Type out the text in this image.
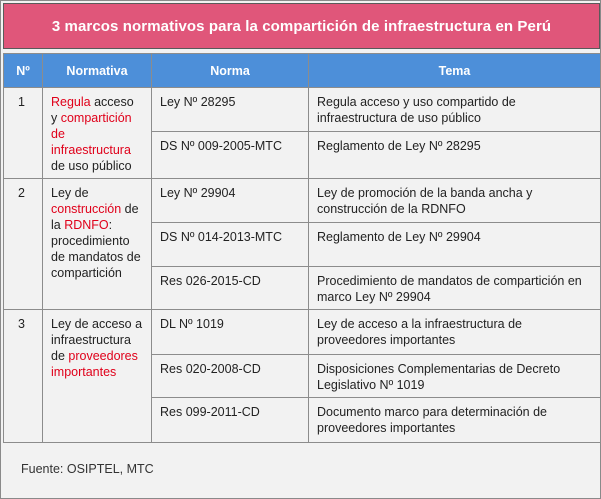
3 marcos normativos para la compartición de infraestructura en Perú
Nº	Normativa	Norma	Tema
1	Regula acceso y compartición de infraestructura de uso público	Ley Nº 28295	Regula acceso y uso compartido de infraestructura de uso público
		DS Nº 009-2005-MTC	Reglamento de Ley Nº 28295
2	Ley de construcción de la RDNFO: procedimiento de mandatos de compartición	Ley Nº 29904	Ley de promoción de la banda ancha y construcción de la RDNFO
		DS Nº 014-2013-MTC	Reglamento de Ley Nº 29904
		Res 026-2015-CD	Procedimiento de mandatos de compartición en marco Ley Nº 29904
3	Ley de acceso a infraestructura de proveedores importantes	DL Nº 1019	Ley de acceso a la infraestructura de proveedores importantes
		Res 020-2008-CD	Disposiciones Complementarias de Decreto Legislativo Nº 1019
		Res 099-2011-CD	Documento marco para determinación de proveedores importantes
Fuente: OSIPTEL, MTC
